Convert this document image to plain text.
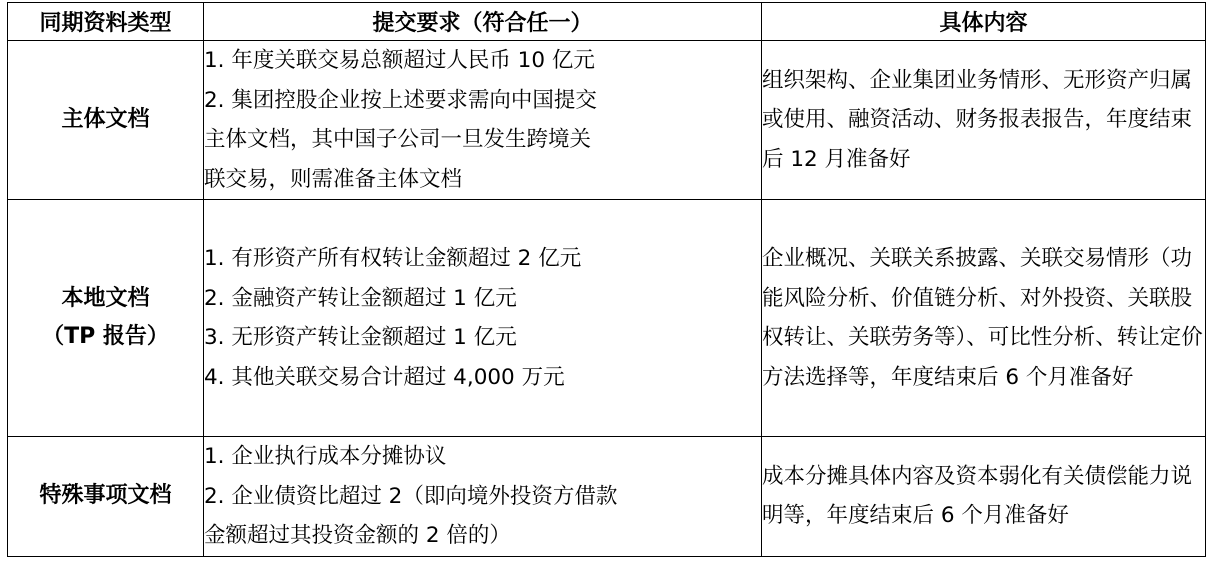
同期资料类型	提交要求（符合任一）	具体内容

主体文档	1. 年度关联交易总额超过人民币 10 亿元
2. 集团控股企业按上述要求需向中国提交
主体文档，其中国子公司一旦发生跨境关
联交易，则需准备主体文档	组织架构、企业集团业务情形、无形资产归属或使用、融资活动、财务报表报告，年度结束后 12 月准备好

本地文档
（TP 报告）	1. 有形资产所有权转让金额超过 2 亿元
2. 金融资产转让金额超过 1 亿元
3. 无形资产转让金额超过 1 亿元
4. 其他关联交易合计超过 4,000 万元	企业概况、关联关系披露、关联交易情形（功能风险分析、价值链分析、对外投资、关联股权转让、关联劳务等）、可比性分析、转让定价方法选择等，年度结束后 6 个月准备好

特殊事项文档	1. 企业执行成本分摊协议
2. 企业债资比超过 2（即向境外投资方借款
金额超过其投资金额的 2 倍的）	成本分摊具体内容及资本弱化有关债偿能力说明等，年度结束后 6 个月准备好
